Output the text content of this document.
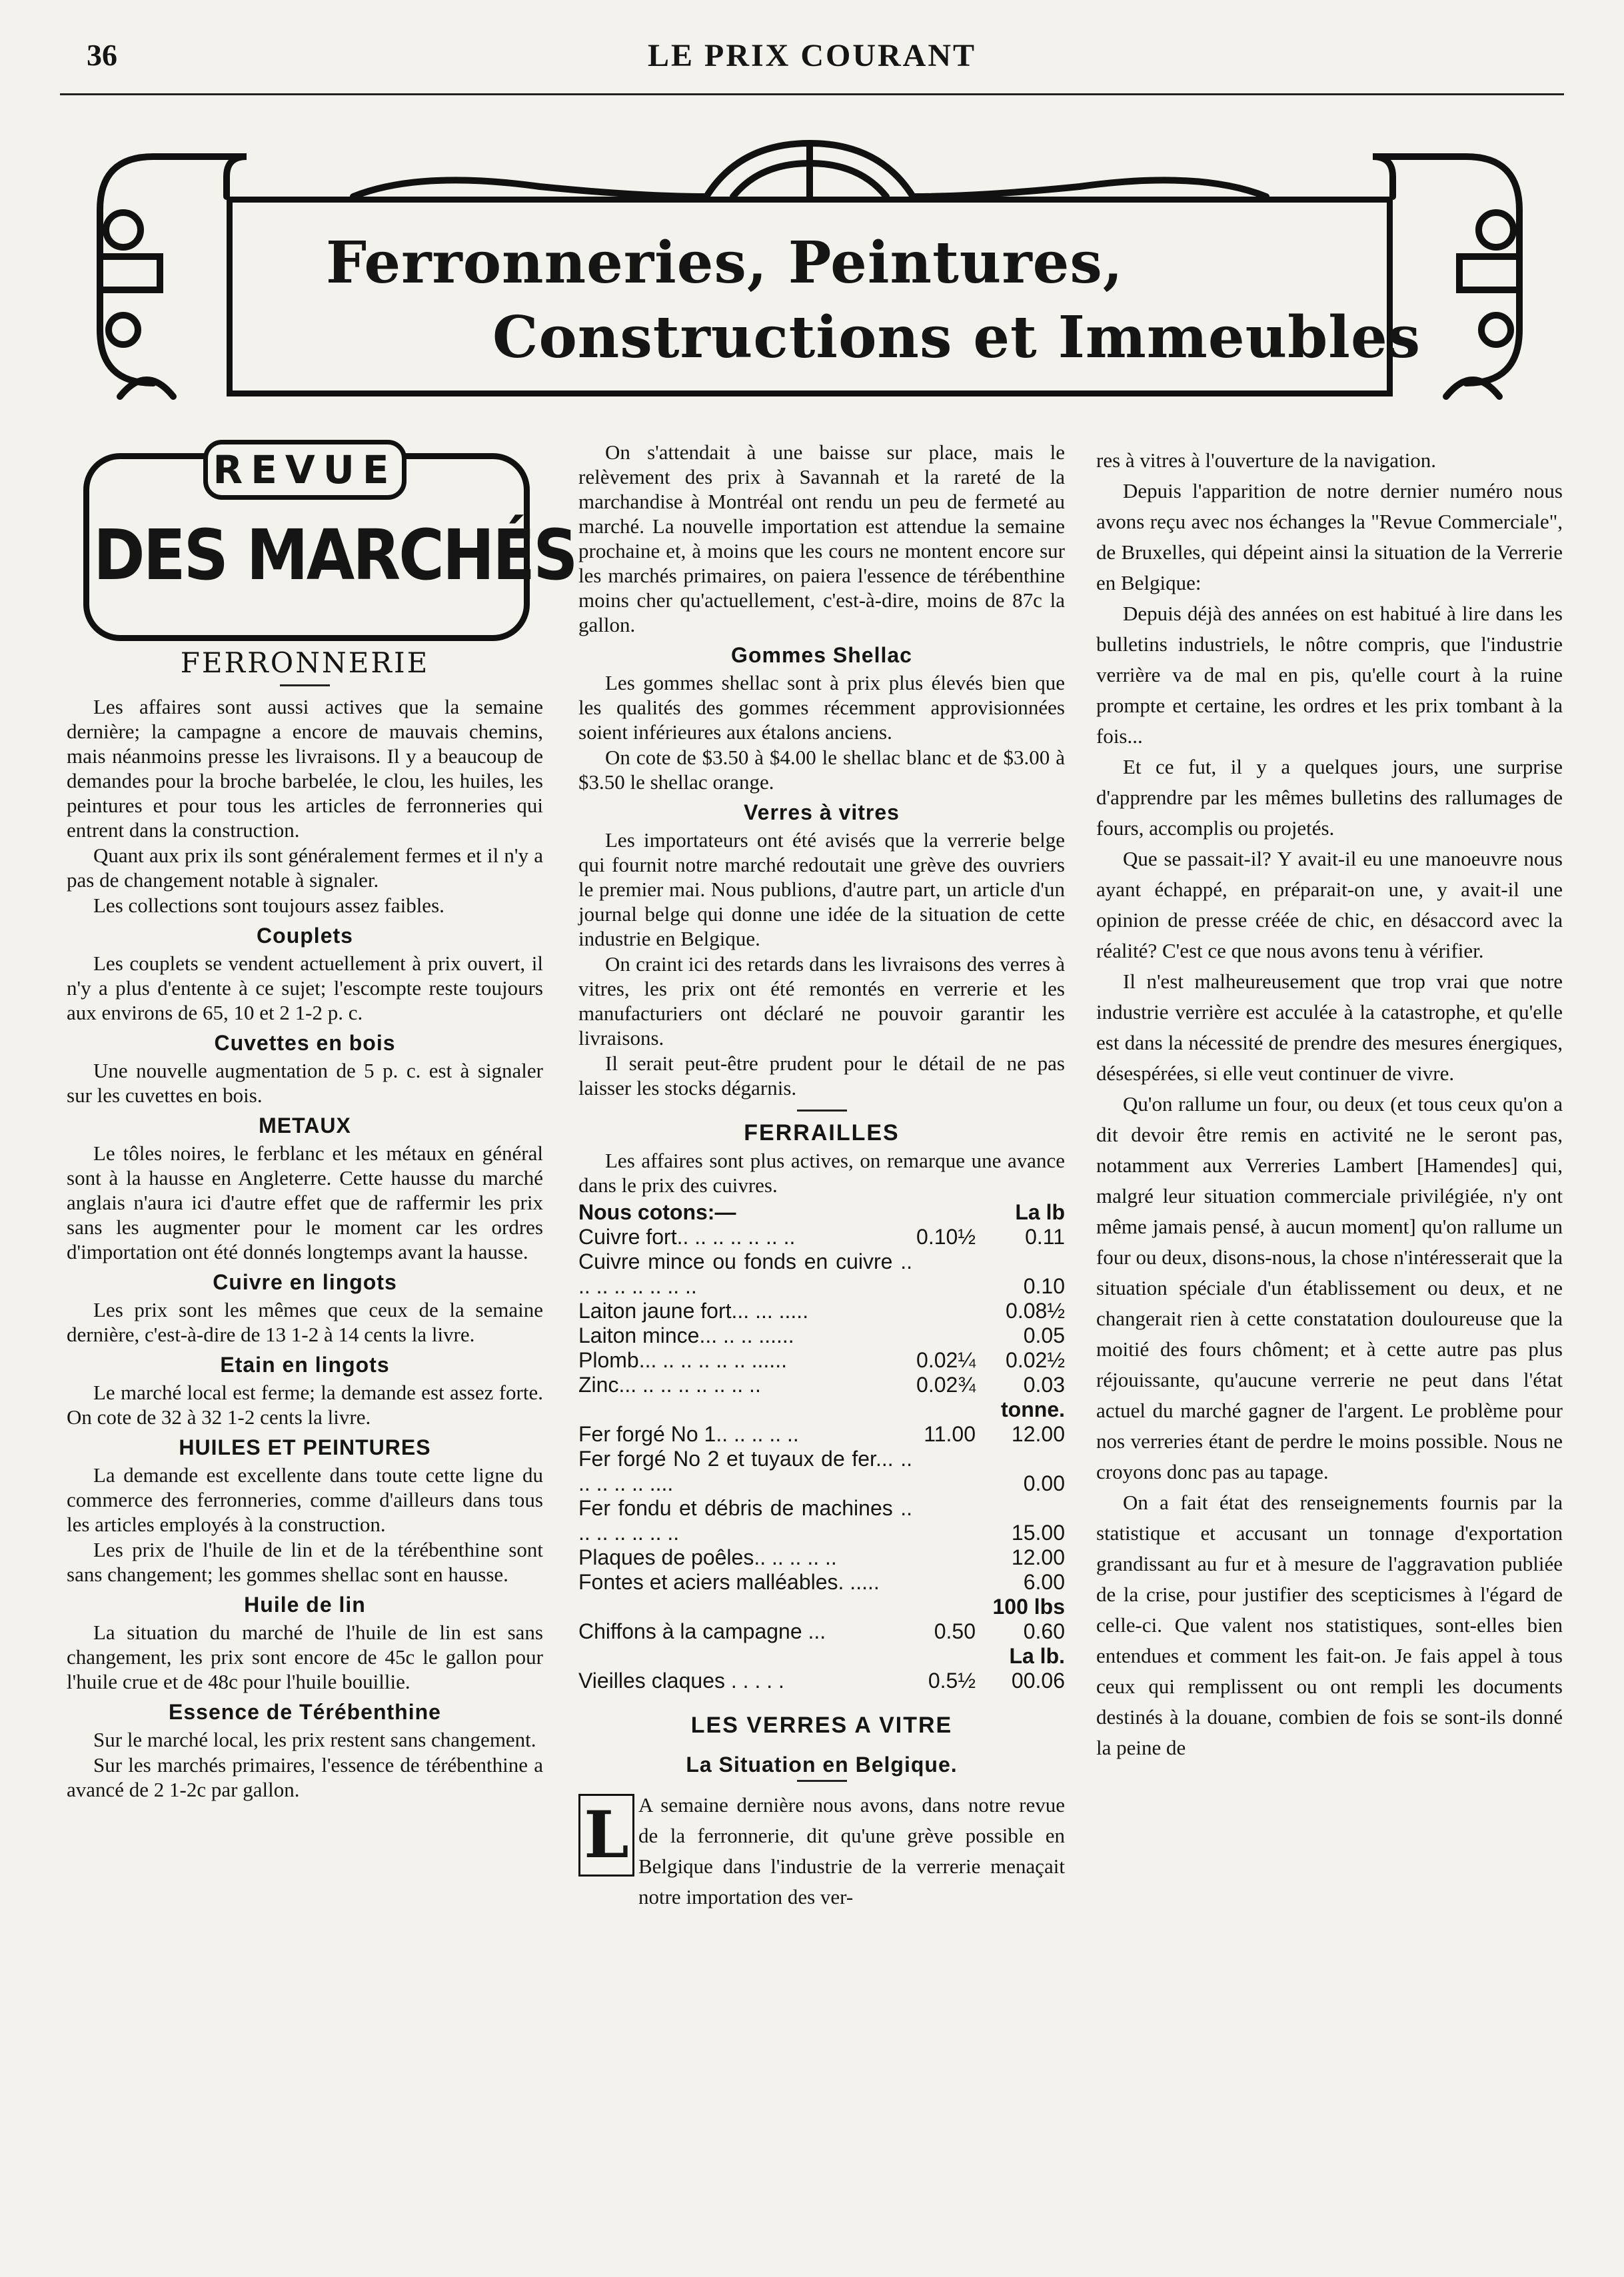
36	LE PRIX COURANT
Ferronneries, Peintures,
Constructions et Immeubles
REVUE
DES MARCHÉS
FERRONNERIE

Les affaires sont aussi actives que la semaine dernière; la campagne a encore de mauvais chemins, mais néanmoins presse les livraisons. Il y a beaucoup de demandes pour la broche barbelée, le clou, les huiles, les peintures et pour tous les articles de ferronneries qui entrent dans la construction.

Quant aux prix ils sont généralement fermes et il n'y a pas de changement notable à signaler.

Les collections sont toujours assez faibles.

Couplets

Les couplets se vendent actuellement à prix ouvert, il n'y a plus d'entente à ce sujet; l'escompte reste toujours aux environs de 65, 10 et 2 1-2 p. c.

Cuvettes en bois

Une nouvelle augmentation de 5 p. c. est à signaler sur les cuvettes en bois.

METAUX

Le tôles noires, le ferblanc et les métaux en général sont à la hausse en Angleterre. Cette hausse du marché anglais n'aura ici d'autre effet que de raffermir les prix sans les augmenter pour le moment car les ordres d'importation ont été donnés longtemps avant la hausse.

Cuivre en lingots

Les prix sont les mêmes que ceux de la semaine dernière, c'est-à-dire de 13 1-2 à 14 cents la livre.

Etain en lingots

Le marché local est ferme; la demande est assez forte. On cote de 32 à 32 1-2 cents la livre.

HUILES ET PEINTURES

La demande est excellente dans toute cette ligne du commerce des ferronneries, comme d'ailleurs dans tous les articles employés à la construction.

Les prix de l'huile de lin et de la térébenthine sont sans changement; les gommes shellac sont en hausse.

Huile de lin

La situation du marché de l'huile de lin est sans changement, les prix sont encore de 45c le gallon pour l'huile crue et de 48c pour l'huile bouillie.

Essence de Térébenthine

Sur le marché local, les prix restent sans changement.

Sur les marchés primaires, l'essence de térébenthine a avancé de 2 1-2c par gallon.

On s'attendait à une baisse sur place, mais le relèvement des prix à Savannah et la rareté de la marchandise à Montréal ont rendu un peu de fermeté au marché. La nouvelle importation est attendue la semaine prochaine et, à moins que les cours ne montent encore sur les marchés primaires, on paiera l'essence de térébenthine moins cher qu'actuellement, c'est-à-dire, moins de 87c la gallon.

Gommes Shellac

Les gommes shellac sont à prix plus élevés bien que les qualités des gommes récemment approvisionnées soient inférieures aux étalons anciens.

On cote de $3.50 à $4.00 le shellac blanc et de $3.00 à $3.50 le shellac orange.

Verres à vitres

Les importateurs ont été avisés que la verrerie belge qui fournit notre marché redoutait une grève des ouvriers le premier mai. Nous publions, d'autre part, un article d'un journal belge qui donne une idée de la situation de cette industrie en Belgique.

On craint ici des retards dans les livraisons des verres à vitres, les prix ont été remontés en verrerie et les manufacturiers ont déclaré ne pouvoir garantir les livraisons.

Il serait peut-être prudent pour le détail de ne pas laisser les stocks dégarnis.

FERRAILLES

Les affaires sont plus actives, on remarque une avance dans le prix des cuivres.

Nous cotons:—		La lb
Cuivre fort.. .. .. .. .. .. ..	0.10½	0.11
Cuivre mince ou fonds en cuivre .. .. .. .. .. .. .. ..		0.10
Laiton jaune fort... ... .....		0.08½
Laiton mince... .. .. ......		0.05
Plomb... .. .. .. .. .. ......	0.02¼	0.02½
Zinc... .. .. .. .. .. .. ..	0.02¾	0.03
		tonne.
Fer forgé No 1.. .. .. .. ..	11.00	12.00
Fer forgé No 2 et tuyaux de fer... .. .. .. .. .. ....		0.00
Fer fondu et débris de machines .. .. .. .. .. .. ..		15.00
Plaques de poêles.. .. .. .. ..		12.00
Fontes et aciers malléables. .....		6.00
		100 lbs
Chiffons à la campagne ...	0.50	0.60
		La lb.
Vieilles claques . . . . .	0.5½	00.06
LES VERRES A VITRE
La Situation en Belgique.
L A semaine dernière nous avons, dans notre revue de la ferronnerie, dit qu'une grève possible en Belgique dans l'industrie de la verrerie menaçait notre importation des ver-

res à vitres à l'ouverture de la navigation.

Depuis l'apparition de notre dernier numéro nous avons reçu avec nos échanges la "Revue Commerciale", de Bruxelles, qui dépeint ainsi la situation de la Verrerie en Belgique:

Depuis déjà des années on est habitué à lire dans les bulletins industriels, le nôtre compris, que l'industrie verrière va de mal en pis, qu'elle court à la ruine prompte et certaine, les ordres et les prix tombant à la fois...

Et ce fut, il y a quelques jours, une surprise d'apprendre par les mêmes bulletins des rallumages de fours, accomplis ou projetés.

Que se passait-il? Y avait-il eu une manoeuvre nous ayant échappé, en préparait-on une, y avait-il une opinion de presse créée de chic, en désaccord avec la réalité? C'est ce que nous avons tenu à vérifier.

Il n'est malheureusement que trop vrai que notre industrie verrière est acculée à la catastrophe, et qu'elle est dans la nécessité de prendre des mesures énergiques, désespérées, si elle veut continuer de vivre.

Qu'on rallume un four, ou deux (et tous ceux qu'on a dit devoir être remis en activité ne le seront pas, notamment aux Verreries Lambert [Hamendes] qui, malgré leur situation commerciale privilégiée, n'y ont même jamais pensé, à aucun moment] qu'on rallume un four ou deux, disons-nous, la chose n'intéresserait que la situation spéciale d'un établissement ou deux, et ne changerait rien à cette constatation douloureuse que la moitié des fours chôment; et à cette autre pas plus réjouissante, qu'aucune verrerie ne peut dans l'état actuel du marché gagner de l'argent. Le problème pour nos verreries étant de perdre le moins possible. Nous ne croyons donc pas au tapage.

On a fait état des renseignements fournis par la statistique et accusant un tonnage d'exportation grandissant au fur et à mesure de l'aggravation publiée de la crise, pour justifier des scepticismes à l'égard de celle-ci. Que valent nos statistiques, sont-elles bien entendues et comment les fait-on. Je fais appel à tous ceux qui remplissent ou ont rempli les documents destinés à la douane, combien de fois se sont-ils donné la peine de
